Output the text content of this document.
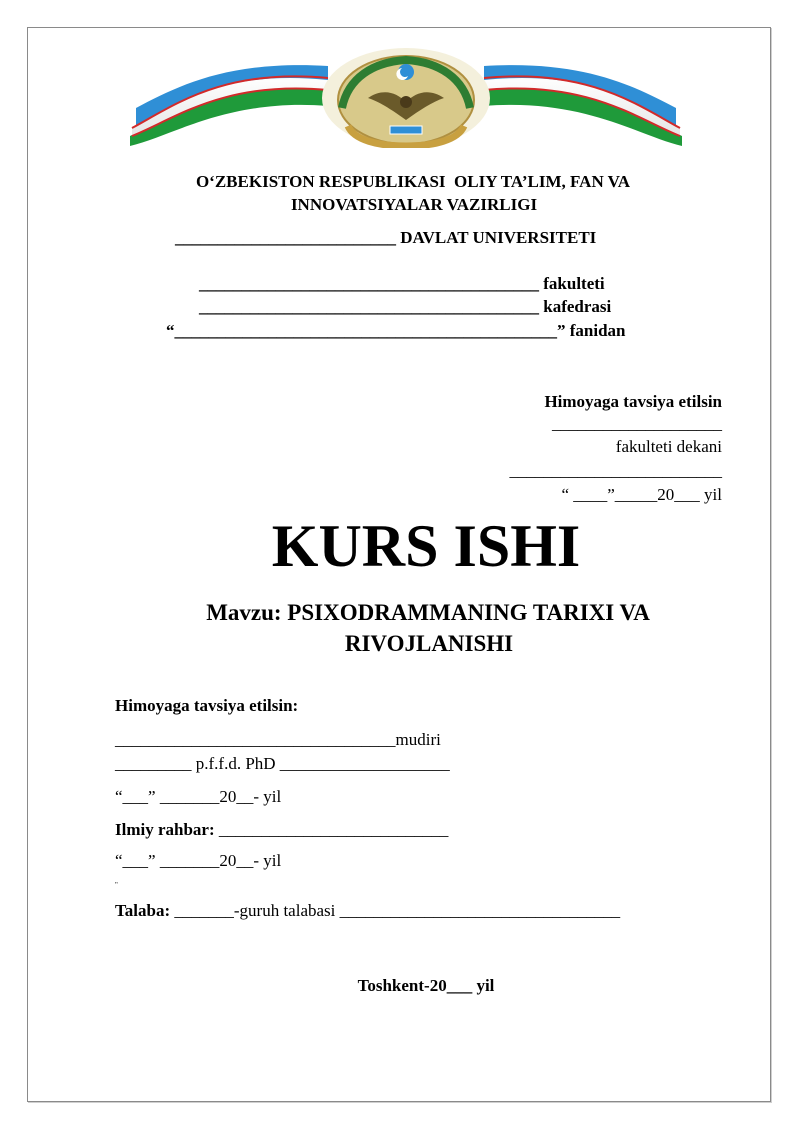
O‘ZBEKISTON RESPUBLIKASI  OLIY TA’LIM, FAN VA
INNOVATSIYALAR VAZIRLIGI
__________________________ DAVLAT UNIVERSITETI
________________________________________ fakulteti
________________________________________ kafedrasi
“_____________________________________________” fanidan
Himoyaga tavsiya etilsin
____________________
fakulteti dekani
_________________________
“ ____”_____20___ yil
KURS ISHI
Mavzu: PSIXODRAMMANING TARIXI VA
RIVOJLANISHI
Himoyaga tavsiya etilsin:
_________________________________mudiri
_________ p.f.f.d. PhD ____________________
“___” _______20__- yil
Ilmiy rahbar: ___________________________
“___” _______20__- yil
"
Talaba: _______-guruh talabasi _________________________________
Toshkent-20___ yil
